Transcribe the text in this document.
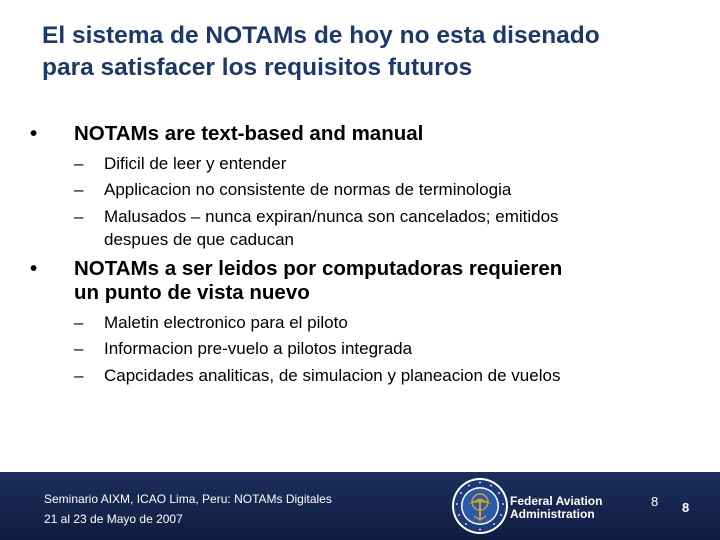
El sistema de NOTAMs de hoy no esta disenado
para satisfacer los requisitos futuros
• NOTAMs are text-based and manual
– Dificil de leer y entender
– Applicacion no consistente de normas de terminologia
– Malusados – nunca expiran/nunca son cancelados; emitidos
despues de que caducan
• NOTAMs a ser leidos por computadoras requieren
un punto de vista nuevo
– Maletin electronico para el piloto
– Informacion pre-vuelo a pilotos integrada
– Capcidades analiticas, de simulacion y planeacion de vuelos
Seminario AIXM, ICAO Lima, Peru: NOTAMs Digitales
21 al 23 de Mayo de 2007
Federal Aviation
Administration
8 8
